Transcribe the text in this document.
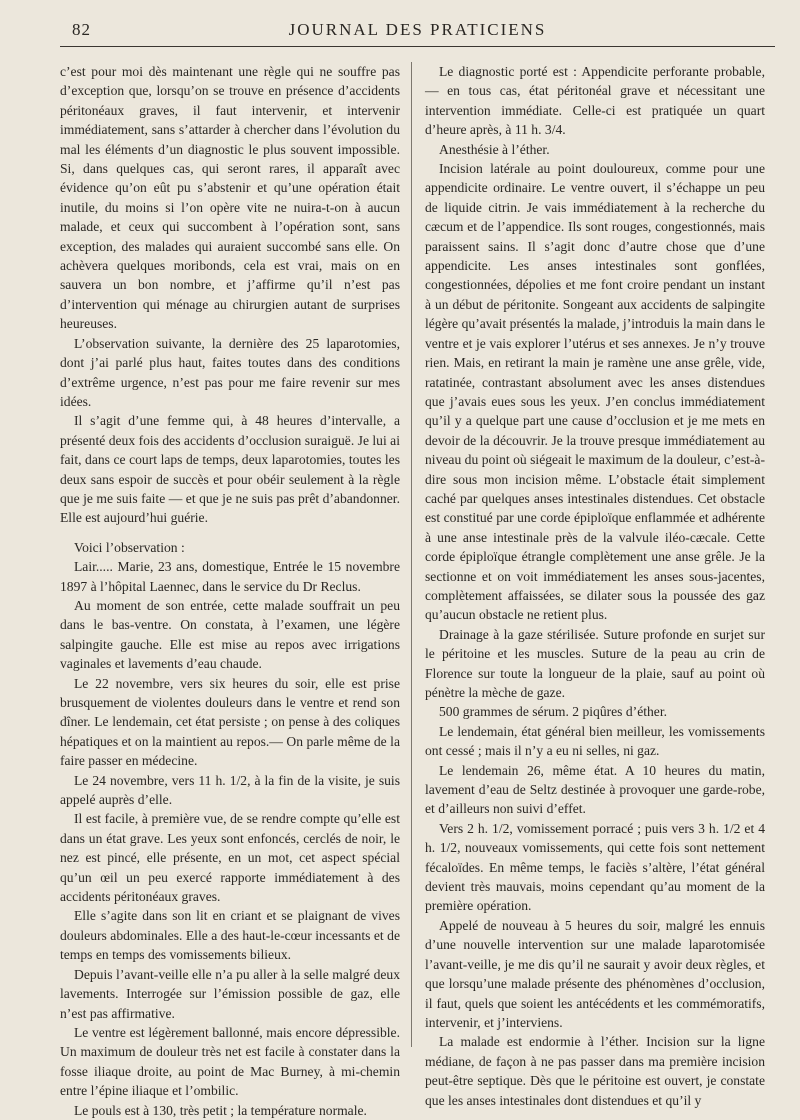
82	JOURNAL DES PRATICIENS

c’est pour moi dès maintenant une règle qui ne souffre pas d’exception que, lorsqu’on se trouve en présence d’accidents péritonéaux graves, il faut intervenir, et intervenir immédiatement, sans s’attarder à chercher dans l’évolution du mal les éléments d’un diagnostic le plus souvent impossible. Si, dans quelques cas, qui seront rares, il apparaît avec évidence qu’on eût pu s’abstenir et qu’une opération était inutile, du moins si l’on opère vite ne nuira-t-on à aucun malade, et ceux qui succombent à l’opération sont, sans exception, des malades qui auraient succombé sans elle. On achèvera quelques moribonds, cela est vrai, mais on en sauvera un bon nombre, et j’affirme qu’il n’est pas d’intervention qui ménage au chirurgien autant de surprises heureuses.

L’observation suivante, la dernière des 25 laparotomies, dont j’ai parlé plus haut, faites toutes dans des conditions d’extrême urgence, n’est pas pour me faire revenir sur mes idées.

Il s’agit d’une femme qui, à 48 heures d’intervalle, a présenté deux fois des accidents d’occlusion suraiguë. Je lui ai fait, dans ce court laps de temps, deux laparotomies, toutes les deux sans espoir de succès et pour obéir seulement à la règle que je me suis faite — et que je ne suis pas prêt d’abandonner. Elle est aujourd’hui guérie.

Voici l’observation :

Lair..... Marie, 23 ans, domestique, Entrée le 15 novembre 1897 à l’hôpital Laennec, dans le service du Dr Reclus.

Au moment de son entrée, cette malade souffrait un peu dans le bas-ventre. On constata, à l’examen, une légère salpingite gauche. Elle est mise au repos avec irrigations vaginales et lavements d’eau chaude.

Le 22 novembre, vers six heures du soir, elle est prise brusquement de violentes douleurs dans le ventre et rend son dîner. Le lendemain, cet état persiste ; on pense à des coliques hépatiques et on la maintient au repos.— On parle même de la faire passer en médecine.

Le 24 novembre, vers 11 h. 1/2, à la fin de la visite, je suis appelé auprès d’elle.

Il est facile, à première vue, de se rendre compte qu’elle est dans un état grave. Les yeux sont enfoncés, cerclés de noir, le nez est pincé, elle présente, en un mot, cet aspect spécial qu’un œil un peu exercé rapporte immédiatement à des accidents péritonéaux graves.

Elle s’agite dans son lit en criant et se plaignant de vives douleurs abdominales. Elle a des haut-le-cœur incessants et de temps en temps des vomissements bilieux.

Depuis l’avant-veille elle n’a pu aller à la selle malgré deux lavements. Interrogée sur l’émission possible de gaz, elle n’est pas affirmative.

Le ventre est légèrement ballonné, mais encore dépressible. Un maximum de douleur très net est facile à constater dans la fosse iliaque droite, au point de Mac Burney, à mi-chemin entre l’épine iliaque et l’ombilic.

Le pouls est à 130, très petit ; la température normale.

Le diagnostic porté est : Appendicite perforante probable, — en tous cas, état péritonéal grave et nécessitant une intervention immédiate. Celle-ci est pratiquée un quart d’heure après, à 11 h. 3/4.

Anesthésie à l’éther.

Incision latérale au point douloureux, comme pour une appendicite ordinaire. Le ventre ouvert, il s’échappe un peu de liquide citrin. Je vais immédiatement à la recherche du cæcum et de l’appendice. Ils sont rouges, congestionnés, mais paraissent sains. Il s’agit donc d’autre chose que d’une appendicite. Les anses intestinales sont gonflées, congestionnées, dépolies et me font croire pendant un instant à un début de péritonite. Songeant aux accidents de salpingite légère qu’avait présentés la malade, j’introduis la main dans le ventre et je vais explorer l’utérus et ses annexes. Je n’y trouve rien. Mais, en retirant la main je ramène une anse grêle, vide, ratatinée, contrastant absolument avec les anses distendues que j’avais eues sous les yeux. J’en conclus immédiatement qu’il y a quelque part une cause d’occlusion et je me mets en devoir de la découvrir. Je la trouve presque immédiatement au niveau du point où siégeait le maximum de la douleur, c’est-à-dire sous mon incision même. L’obstacle était simplement caché par quelques anses intestinales distendues. Cet obstacle est constitué par une corde épiploïque enflammée et adhérente à une anse intestinale près de la valvule iléo-cæcale. Cette corde épiploïque étrangle complètement une anse grêle. Je la sectionne et on voit immédiatement les anses sous-jacentes, complètement affaissées, se dilater sous la poussée des gaz qu’aucun obstacle ne retient plus.

Drainage à la gaze stérilisée. Suture profonde en surjet sur le péritoine et les muscles. Suture de la peau au crin de Florence sur toute la longueur de la plaie, sauf au point où pénètre la mèche de gaze.

500 grammes de sérum. 2 piqûres d’éther.

Le lendemain, état général bien meilleur, les vomissements ont cessé ; mais il n’y a eu ni selles, ni gaz.

Le lendemain 26, même état. A 10 heures du matin, lavement d’eau de Seltz destinée à provoquer une garde-robe, et d’ailleurs non suivi d’effet.

Vers 2 h. 1/2, vomissement porracé ; puis vers 3 h. 1/2 et 4 h. 1/2, nouveaux vomissements, qui cette fois sont nettement fécaloïdes. En même temps, le faciès s’altère, l’état général devient très mauvais, moins cependant qu’au moment de la première opération.

Appelé de nouveau à 5 heures du soir, malgré les ennuis d’une nouvelle intervention sur une malade laparotomisée l’avant-veille, je me dis qu’il ne saurait y avoir deux règles, et que lorsqu’une malade présente des phénomènes d’occlusion, il faut, quels que soient les antécédents et les commémoratifs, intervenir, et j’interviens.

La malade est endormie à l’éther. Incision sur la ligne médiane, de façon à ne pas passer dans ma première incision peut-être septique. Dès que le péritoine est ouvert, je constate que les anses intestinales dont distendues et qu’il y
